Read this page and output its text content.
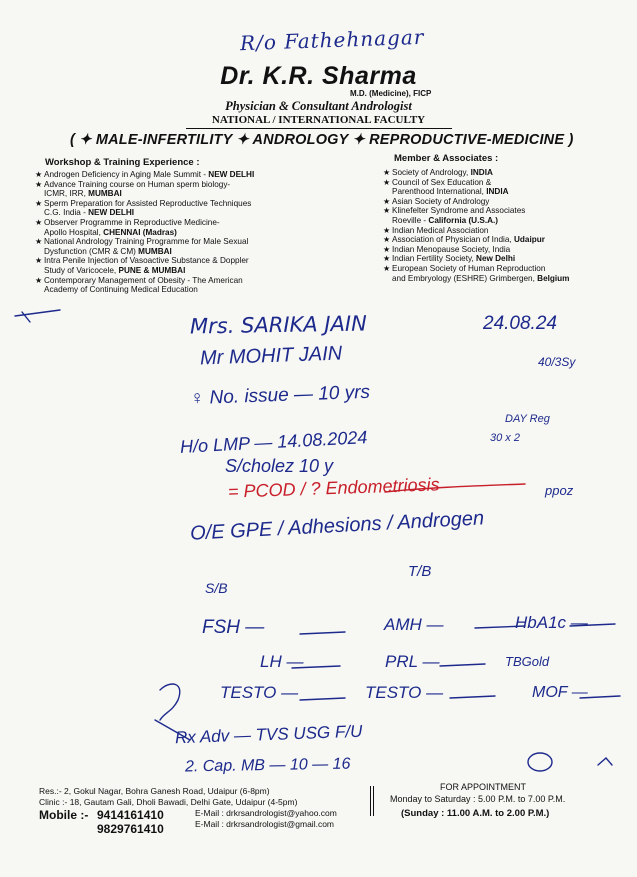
R/o Fathehnagar
Dr. K.R. Sharma
M.D. (Medicine), FICP
Physician & Consultant Andrologist
NATIONAL / INTERNATIONAL FACULTY
( ✦ MALE-INFERTILITY ✦ ANDROLOGY ✦ REPRODUCTIVE-MEDICINE )
Workshop & Training Experience :
★ Androgen Deficiency in Aging Male Summit - NEW DELHI
★ Advance Training course on Human sperm biology-
ICMR, IRR, MUMBAI
★ Sperm Preparation for Assisted Reproductive Techniques
C.G. India - NEW DELHI
★ Observer Programme in Reproductive Medicine-
Apollo Hospital, CHENNAI (Madras)
★ National Andrology Training Programme for Male Sexual
Dysfunction (CMR & CM) MUMBAI
★ Intra Penile Injection of Vasoactive Substance & Doppler
Study of Varicocele, PUNE & MUMBAI
★ Contemporary Management of Obesity - The American
Academy of Continuing Medical Education
Member & Associates :
★ Society of Andrology, INDIA
★ Council of Sex Education &
Parenthood International, INDIA
★ Asian Society of Andrology
★ Klinefelter Syndrome and Associates
Roeville - California (U.S.A.)
★ Indian Medical Association
★ Association of Physician of India, Udaipur
★ Indian Menopause Society, India
★ Indian Fertility Society, New Delhi
★ European Society of Human Reproduction
and Embryology (ESHRE) Grimbergen, Belgium
Mrs. SARIKA JAIN	24.08.24
Mr MOHIT JAIN	40/3Sy
♀ No. issue — 10 yrs
H/o LMP — 14.08.2024
DAY Reg
30 x 2
S/cholez 10 y
= PCOD / ? Endometriosis	ppoz
O/E GPE / Adhesions / Androgen
T/B
S/B
FSH —	AMH —	HbA1c —
LH —	PRL —	TBGold
TESTO —	TESTO —	MOF —
Rx Adv — TVS USG F/U
2. Cap. MB — 10 — 16
Res.:- 2, Gokul Nagar, Bohra Ganesh Road, Udaipur (6-8pm)
Clinic :- 18, Gautam Gali, Dholi Bawadi, Delhi Gate, Udaipur (4-5pm)
Mobile :- 9414161410
9829761410
E-Mail : drkrsandrologist@yahoo.com
E-Mail : drkrsandrologist@gmail.com
FOR APPOINTMENT
Monday to Saturday : 5.00 P.M. to 7.00 P.M.
(Sunday : 11.00 A.M. to 2.00 P.M.)
